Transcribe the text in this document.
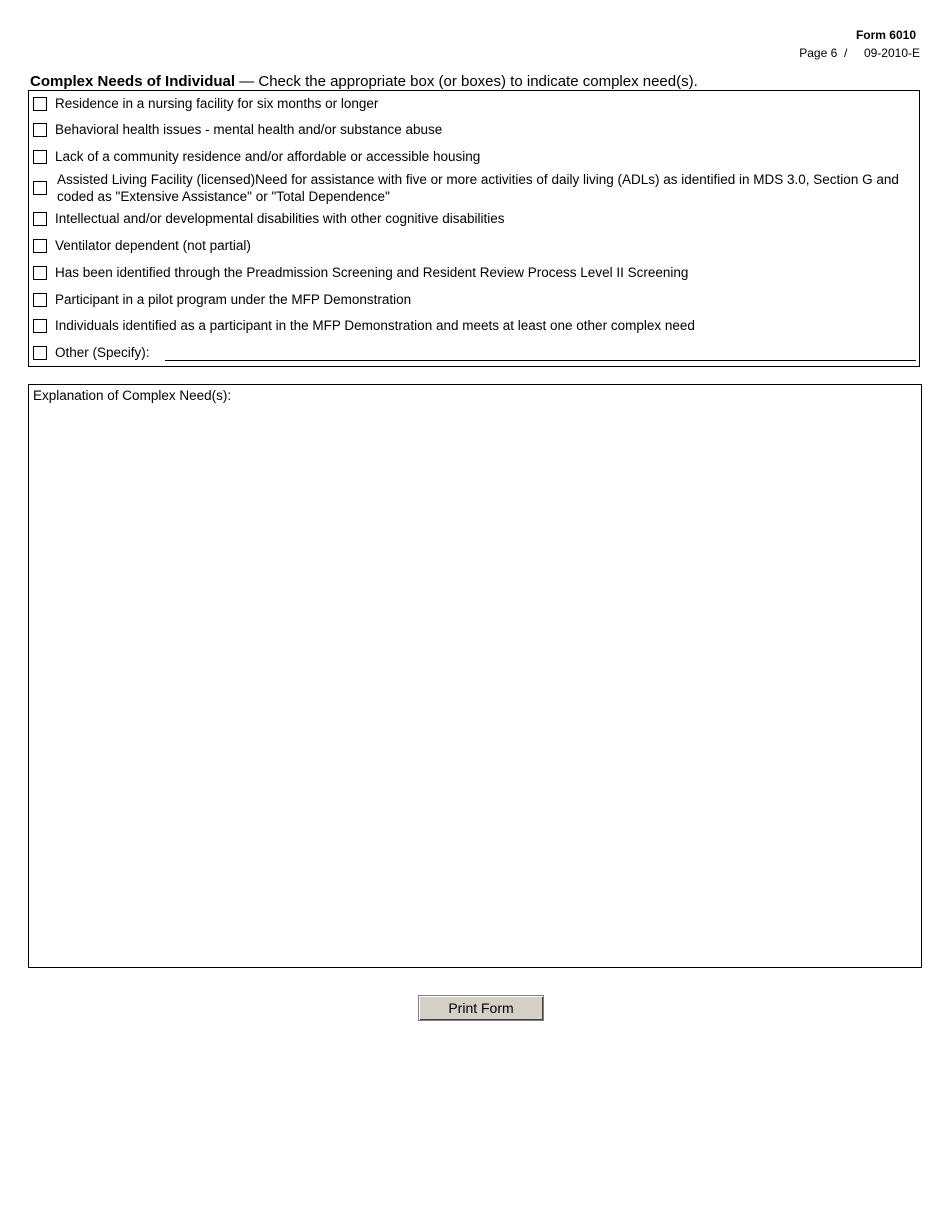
Form 6010
Page 6  /     09-2010-E
Complex Needs of Individual — Check the appropriate box (or boxes) to indicate complex need(s).
Residence in a nursing facility for six months or longer
Behavioral health issues - mental health and/or substance abuse
Lack of a community residence and/or affordable or accessible housing
Assisted Living Facility (licensed)Need for assistance with five or more activities of daily living (ADLs) as identified in MDS 3.0, Section G and coded as "Extensive Assistance" or "Total Dependence"
Intellectual and/or developmental disabilities with other cognitive disabilities
Ventilator dependent (not partial)
Has been identified through the Preadmission Screening and Resident Review Process Level II Screening
Participant in a pilot program under the MFP Demonstration
Individuals identified as a participant in the MFP Demonstration and meets at least one other complex need
Other (Specify):
Explanation of Complex Need(s):
Print Form
